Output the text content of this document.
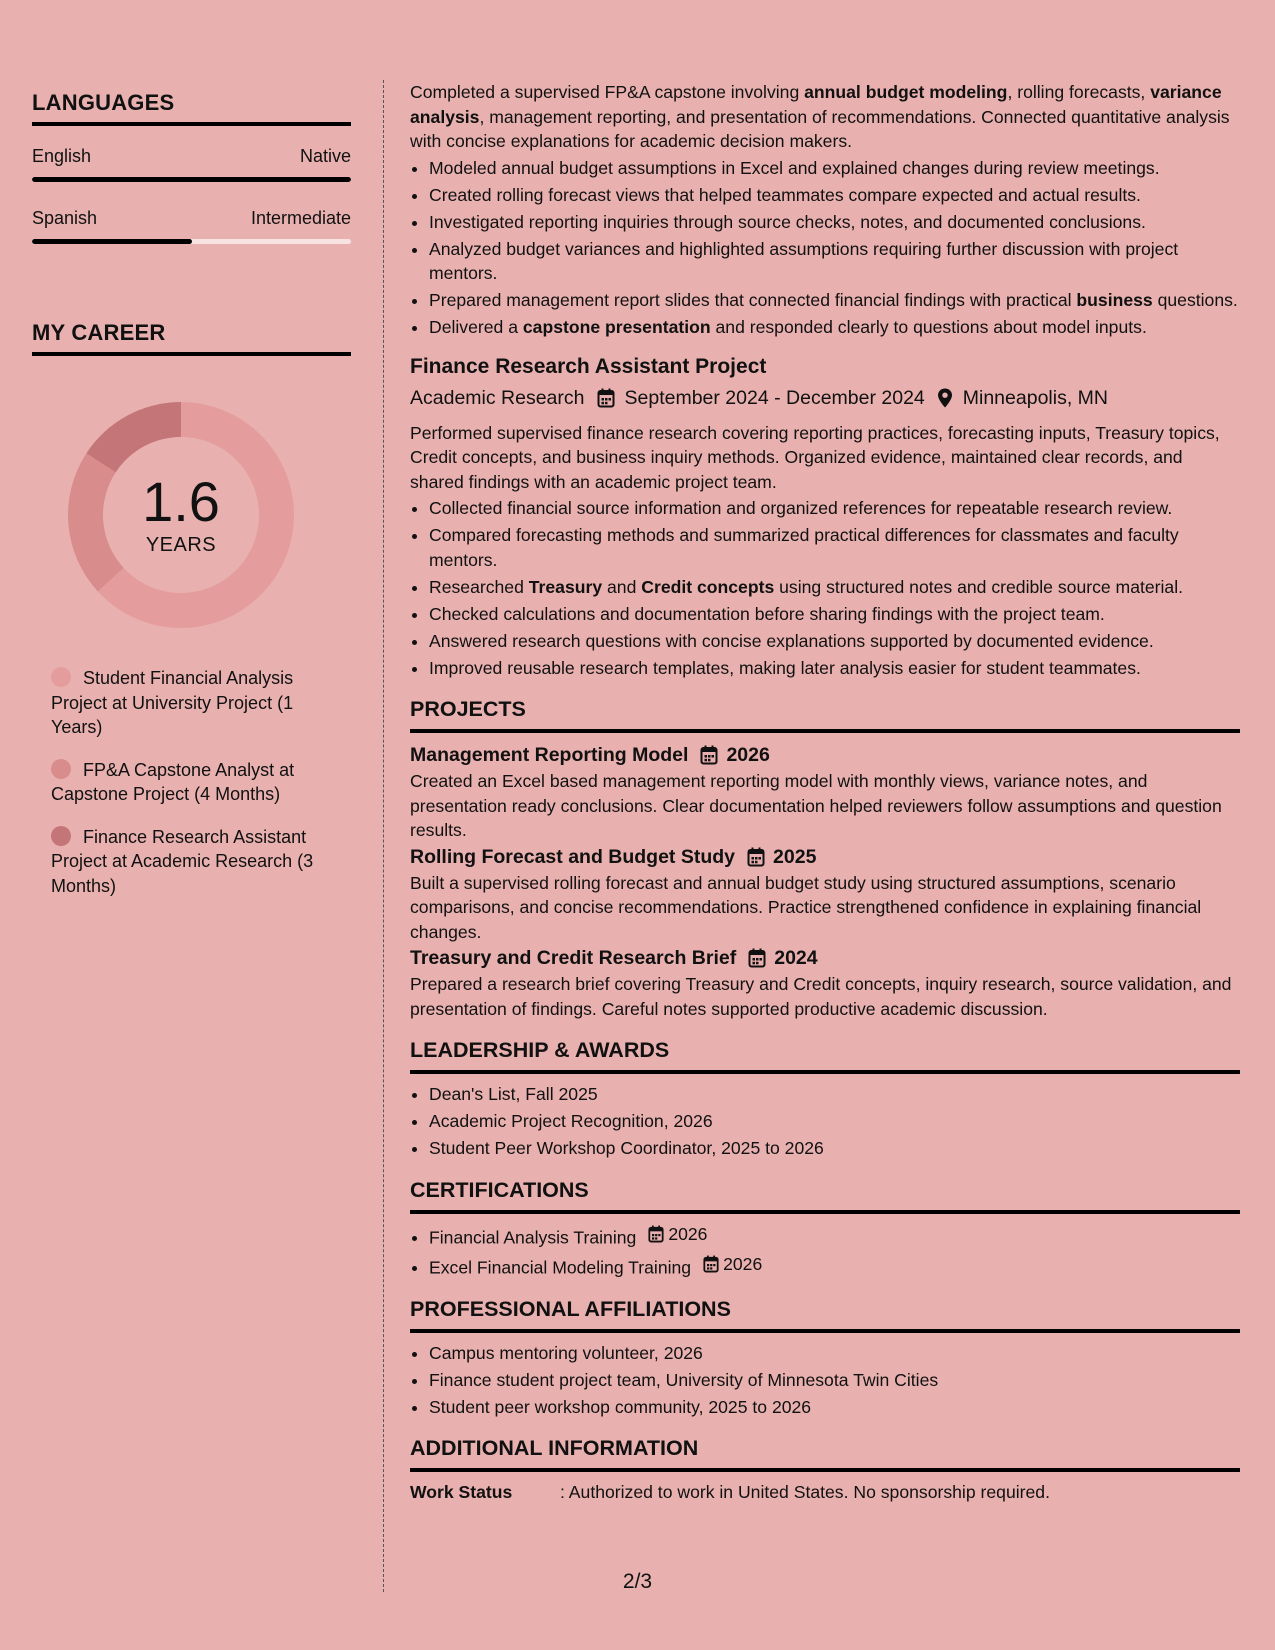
LANGUAGES
English	Native
Spanish	Intermediate
MY CAREER
1.6
YEARS
Student Financial Analysis Project at University Project (1 Years)
FP&A Capstone Analyst at Capstone Project (4 Months)
Finance Research Assistant Project at Academic Research (3 Months)

Completed a supervised FP&A capstone involving annual budget modeling, rolling forecasts, variance analysis, management reporting, and presentation of recommendations. Connected quantitative analysis with concise explanations for academic decision makers.

• Modeled annual budget assumptions in Excel and explained changes during review meetings.
• Created rolling forecast views that helped teammates compare expected and actual results.
• Investigated reporting inquiries through source checks, notes, and documented conclusions.
• Analyzed budget variances and highlighted assumptions requiring further discussion with project mentors.
• Prepared management report slides that connected financial findings with practical business questions.
• Delivered a capstone presentation and responded clearly to questions about model inputs.
Finance Research Assistant Project
Academic Research September 2024 - December 2024 Minneapolis, MN

Performed supervised finance research covering reporting practices, forecasting inputs, Treasury topics, Credit concepts, and business inquiry methods. Organized evidence, maintained clear records, and shared findings with an academic project team.

• Collected financial source information and organized references for repeatable research review.
• Compared forecasting methods and summarized practical differences for classmates and faculty mentors.
• Researched Treasury and Credit concepts using structured notes and credible source material.
• Checked calculations and documentation before sharing findings with the project team.
• Answered research questions with concise explanations supported by documented evidence.
• Improved reusable research templates, making later analysis easier for student teammates.
PROJECTS
Management Reporting Model 2026

Created an Excel based management reporting model with monthly views, variance notes, and presentation ready conclusions. Clear documentation helped reviewers follow assumptions and question results.

Rolling Forecast and Budget Study 2025

Built a supervised rolling forecast and annual budget study using structured assumptions, scenario comparisons, and concise recommendations. Practice strengthened confidence in explaining financial changes.

Treasury and Credit Research Brief 2024

Prepared a research brief covering Treasury and Credit concepts, inquiry research, source validation, and presentation of findings. Careful notes supported productive academic discussion.

LEADERSHIP & AWARDS
• Dean's List, Fall 2025
• Academic Project Recognition, 2026
• Student Peer Workshop Coordinator, 2025 to 2026
CERTIFICATIONS
• Financial Analysis Training 2026
• Excel Financial Modeling Training 2026
PROFESSIONAL AFFILIATIONS
• Campus mentoring volunteer, 2026
• Finance student project team, University of Minnesota Twin Cities
• Student peer workshop community, 2025 to 2026
ADDITIONAL INFORMATION
Work Status	: Authorized to work in United States. No sponsorship required.
2/3
